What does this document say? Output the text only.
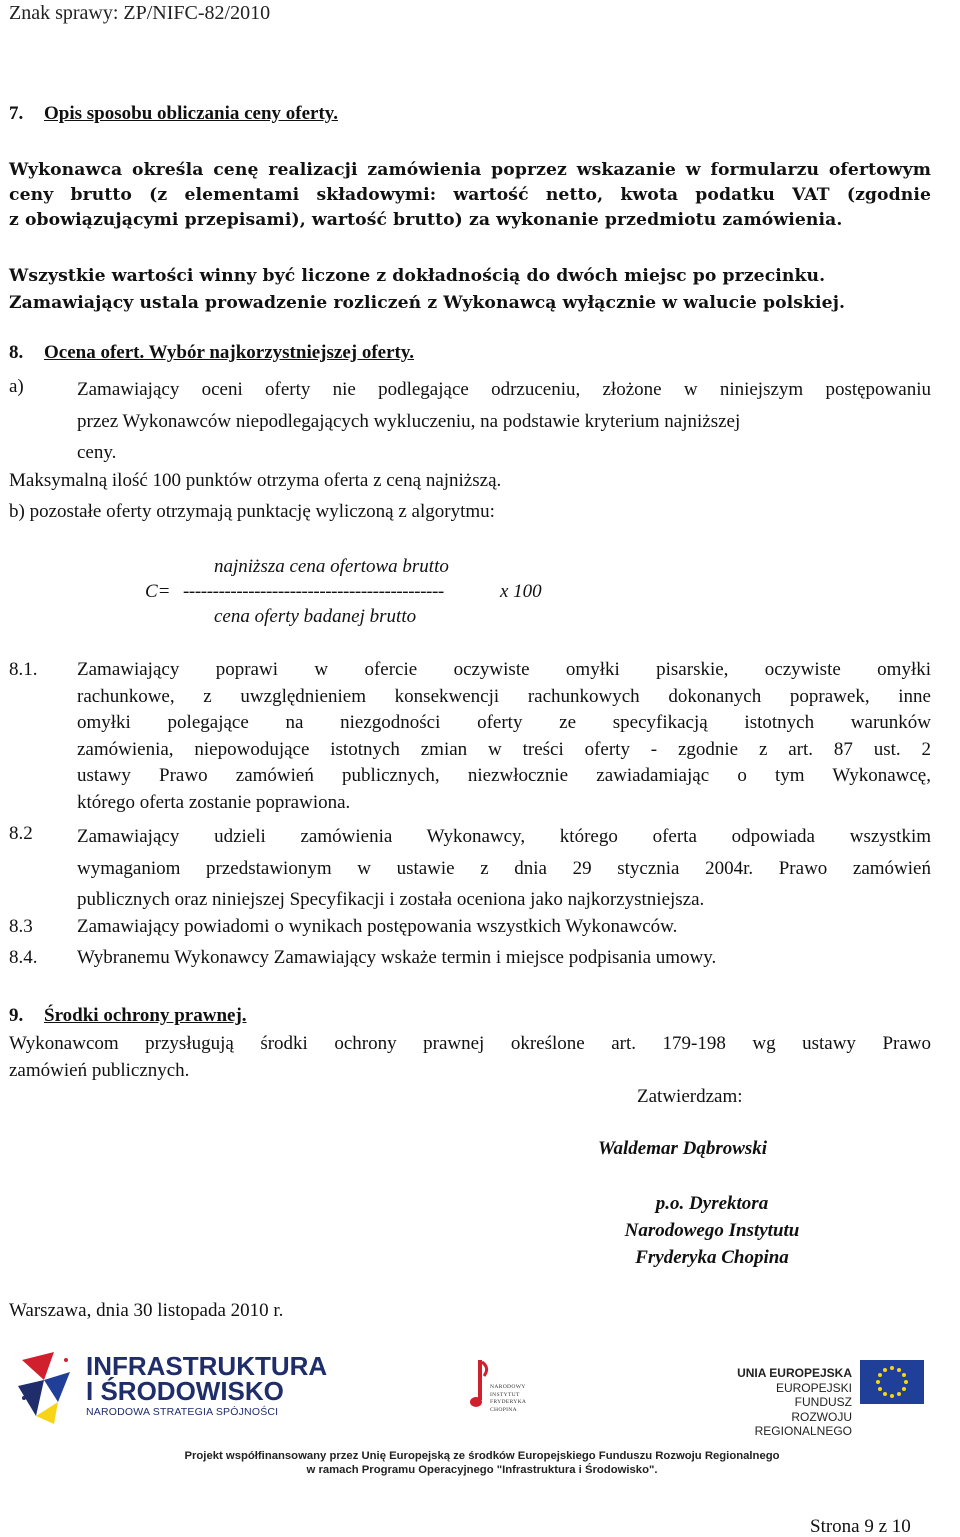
Znak sprawy: ZP/NIFC-82/2010
7. Opis sposobu obliczania ceny oferty.
Wykonawca określa cenę realizacji zamówienia poprzez wskazanie w formularzu ofertowym
ceny brutto (z elementami składowymi: wartość netto, kwota podatku VAT (zgodnie
z obowiązującymi przepisami), wartość brutto) za wykonanie przedmiotu zamówienia.
Wszystkie wartości winny być liczone z dokładnością do dwóch miejsc po przecinku.
Zamawiający ustala prowadzenie rozliczeń z Wykonawcą wyłącznie w walucie polskiej.
8. Ocena ofert. Wybór najkorzystniejszej oferty.
a)	Zamawiający oceni oferty nie podlegające odrzuceniu, złożone w niniejszym postępowaniu
przez Wykonawców niepodlegających wykluczeniu, na podstawie kryterium najniższej
ceny.
Maksymalną ilość 100 punktów otrzyma oferta z ceną najniższą.
b) pozostałe oferty otrzymają punktację wyliczoną z algorytmu:
najniższa cena ofertowa brutto
C= --------------------------------------------	x 100
cena oferty badanej brutto
8.1. Zamawiający poprawi w ofercie oczywiste omyłki pisarskie, oczywiste omyłki

rachunkowe, z uwzględnieniem konsekwencji rachunkowych dokonanych poprawek, inne

omyłki polegające na niezgodności oferty ze specyfikacją istotnych warunków

zamówienia, niepowodujące istotnych zmian w treści oferty - zgodnie z art. 87 ust. 2

ustawy Prawo zamówień publicznych, niezwłocznie zawiadamiając o tym Wykonawcę,

którego oferta zostanie poprawiona.

8.2 Zamawiający udzieli zamówienia Wykonawcy, którego oferta odpowiada wszystkim

wymaganiom przedstawionym w ustawie z dnia 29 stycznia 2004r. Prawo zamówień

publicznych oraz niniejszej Specyfikacji i została oceniona jako najkorzystniejsza.

8.3 Zamawiający powiadomi o wynikach postępowania wszystkich Wykonawców.
8.4. Wybranemu Wykonawcy Zamawiający wskaże termin i miejsce podpisania umowy.
9. Środki ochrony prawnej.

Wykonawcom przysługują środki ochrony prawnej określone art. 179-198 wg ustawy Prawo

zamówień publicznych.

Zatwierdzam:
Waldemar Dąbrowski
p.o. Dyrektora
Narodowego Instytutu
Fryderyka Chopina
Warszawa, dnia 30 listopada 2010 r.
INFRASTRUKTURA
I ŚRODOWISKO
NARODOWA STRATEGIA SPÓJNOŚCI
NARODOWY
INSTYTUT
FRYDERYKA
CHOPINA
UNIA EUROPEJSKA
EUROPEJSKI FUNDUSZ
ROZWOJU REGIONALNEGO
Projekt współfinansowany przez Unię Europejską ze środków Europejskiego Funduszu Rozwoju Regionalnego
w ramach Programu Operacyjnego "Infrastruktura i Środowisko".
Strona 9 z 10
